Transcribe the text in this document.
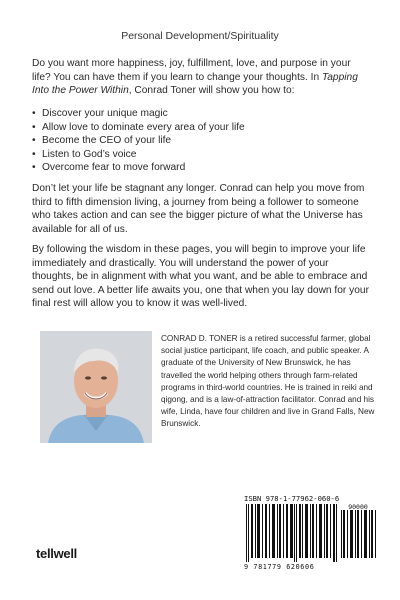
Personal Development/Spirituality
Do you want more happiness, joy, fulfillment, love, and purpose in your life? You can have them if you learn to change your thoughts. In Tapping Into the Power Within, Conrad Toner will show you how to:
• Discover your unique magic
• Allow love to dominate every area of your life
• Become the CEO of your life
• Listen to God’s voice
• Overcome fear to move forward
Don’t let your life be stagnant any longer. Conrad can help you move from third to fifth dimension living, a journey from being a follower to someone who takes action and can see the bigger picture of what the Universe has available for all of us.
By following the wisdom in these pages, you will begin to improve your life immediately and drastically. You will understand the power of your thoughts, be in alignment with what you want, and be able to embrace and send out love. A better life awaits you, one that when you lay down for your final rest will allow you to know it was well-lived.
CONRAD D. TONER is a retired successful farmer, global social justice participant, life coach, and public speaker. A graduate of the University of New Brunswick, he has travelled the world helping others through farm-related programs in third-world countries. He is trained in reiki and qigong, and is a law-of-attraction facilitator. Conrad and his wife, Linda, have four children and live in Grand Falls, New Brunswick.
tellwell
ISBN 978-1-77962-060-6
90000
9 781779 620606
